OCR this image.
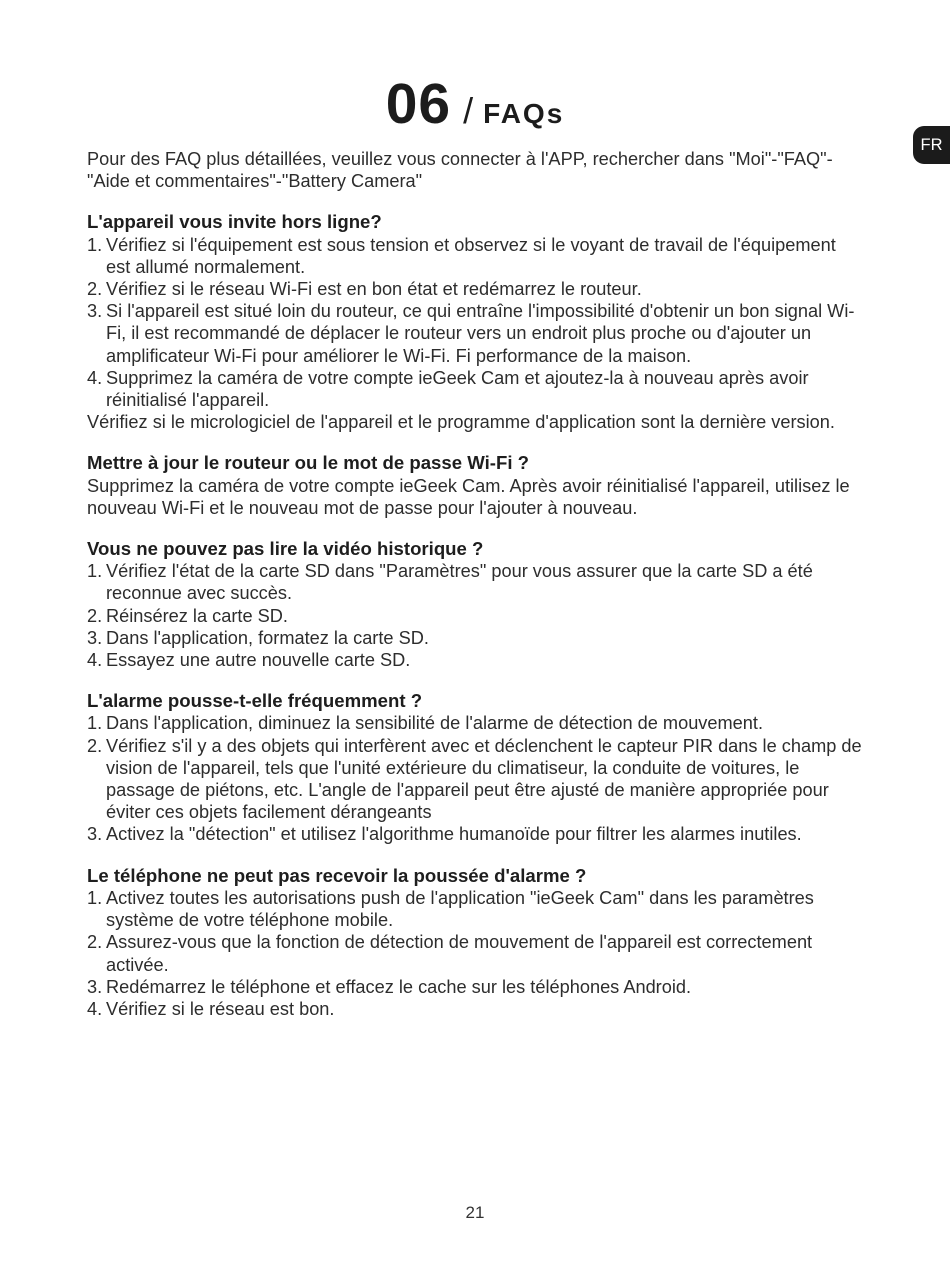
FR
06 / FAQs

Pour des FAQ plus détaillées, veuillez vous connecter à l'APP, rechercher dans "Moi"-"FAQ"-"Aide et commentaires"-"Battery Camera"

L'appareil vous invite hors ligne?
1. Vérifiez si l'équipement est sous tension et observez si le voyant de travail de l'équipement est allumé normalement.
2. Vérifiez si le réseau Wi-Fi est en bon état et redémarrez le routeur.
3. Si l'appareil est situé loin du routeur, ce qui entraîne l'impossibilité d'obtenir un bon signal Wi-Fi, il est recommandé de déplacer le routeur vers un endroit plus proche ou d'ajouter un amplificateur Wi-Fi pour améliorer le Wi-Fi. Fi performance de la maison.
4. Supprimez la caméra de votre compte ieGeek Cam et ajoutez-la à nouveau après avoir réinitialisé l'appareil.

Vérifiez si le micrologiciel de l'appareil et le programme d'application sont la dernière version.

Mettre à jour le routeur ou le mot de passe Wi-Fi ?

Supprimez la caméra de votre compte ieGeek Cam. Après avoir réinitialisé l'appareil, utilisez le nouveau Wi-Fi et le nouveau mot de passe pour l'ajouter à nouveau.

Vous ne pouvez pas lire la vidéo historique ?
1. Vérifiez l'état de la carte SD dans "Paramètres" pour vous assurer que la carte SD a été reconnue avec succès.
2. Réinsérez la carte SD.
3. Dans l'application, formatez la carte SD.
4. Essayez une autre nouvelle carte SD.
L'alarme pousse-t-elle fréquemment ?
1. Dans l'application, diminuez la sensibilité de l'alarme de détection de mouvement.
2. Vérifiez s'il y a des objets qui interfèrent avec et déclenchent le capteur PIR dans le champ de vision de l'appareil, tels que l'unité extérieure du climatiseur, la conduite de voitures, le passage de piétons, etc. L'angle de l'appareil peut être ajusté de manière appropriée pour éviter ces objets facilement dérangeants
3. Activez la "détection" et utilisez l'algorithme humanoïde pour filtrer les alarmes inutiles.
Le téléphone ne peut pas recevoir la poussée d'alarme ?
1. Activez toutes les autorisations push de l'application "ieGeek Cam" dans les paramètres système de votre téléphone mobile.
2. Assurez-vous que la fonction de détection de mouvement de l'appareil est correctement activée.
3. Redémarrez le téléphone et effacez le cache sur les téléphones Android.
4. Vérifiez si le réseau est bon.
21
